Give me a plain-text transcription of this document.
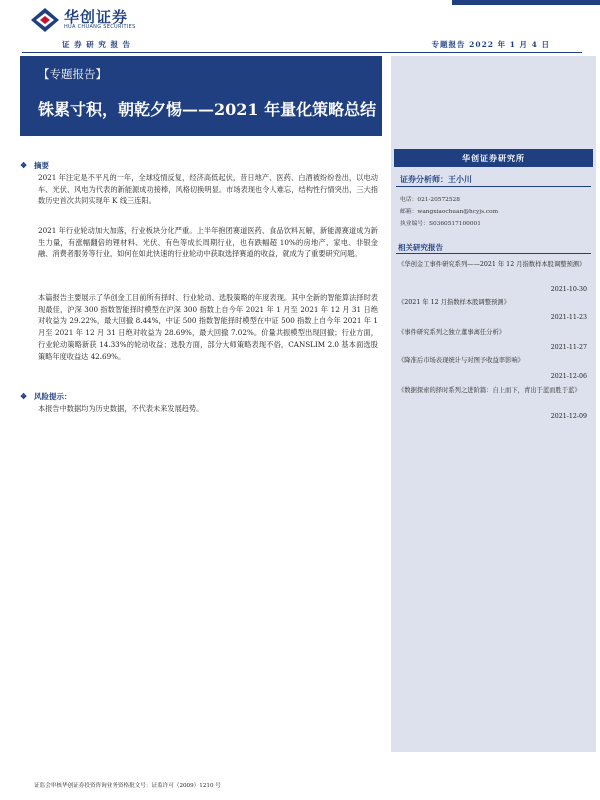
华创证券
HUA CHUANG SECURITIES
证 券 研 究 报 告	专题报告 2022 年 1 月 4 日
【专题报告】
铢累寸积，朝乾夕惕——2021 年量化策略总结
❖ 摘要
2021 年注定是不平凡的一年，全球疫情反复，经济高低起伏，昔日地产、医药、白酒被纷纷卷出，以电动车、光伏、风电为代表的新能源成功接棒，风格切换明显。市场表现也令人难忘，结构性行情突出，三大指数历史首次共同实现年 K 线三连阳。
2021 年行业轮动加大加落，行业板块分化严重。上半年抱团赛道医药、食品饮料瓦解，新能源赛道成为新生力量，有涨幅翻倍的锂材料、光伏、有色等成长周期行业，也有跌幅超 10%的房地产、家电、非银金融、消费者服务等行业，如何在如此快速的行业轮动中获取选择赛道的收益，就成为了重要研究问题。
本篇报告主要展示了华创金工目前所有择时、行业轮动、选股策略的年度表现。其中全新的智能算法择时表现最佳，沪深 300 指数智能择时模型在沪深 300 指数上自今年 2021 年 1 月至 2021 年 12 月 31 日绝对收益为 29.22%，最大回撤 8.44%，中证 500 指数智能择时模型在中证 500 指数上自今年 2021 年 1 月至 2021 年 12 月 31 日绝对收益为 28.69%，最大回撤 7.02%。价量共振模型出现回撤；行业方面，行业轮动策略新获 14.33%的轮动收益；选股方面，部分大师策略表现不俗，CANSLIM 2.0 基本面选股策略年度收益达 42.69%。
❖ 风险提示：
本报告中数据均为历史数据，不代表未来发展趋势。
华创证券研究所
证券分析师：王小川
电话：021-20572528
邮箱：wangxiaochuan@hcyjs.com
执业编号：S0360517100001
相关研究报告
《华创金工事件研究系列——2021 年 12 月指数样本股调整预测》
2021-10-30
《2021 年 12 月指数样本股调整预测》
2021-11-23
《事件研究系列之独立董事离任分析》
2021-11-27
《降准后市场表现统计与对图予收益率影响》
2021-12-06
《数据探索的择时系列之进阶篇：自上而下，青出于蓝而胜于蓝》
2021-12-09
证监会审核华创证券投资咨询业务资格批文号：证监许可（2009）1210 号
